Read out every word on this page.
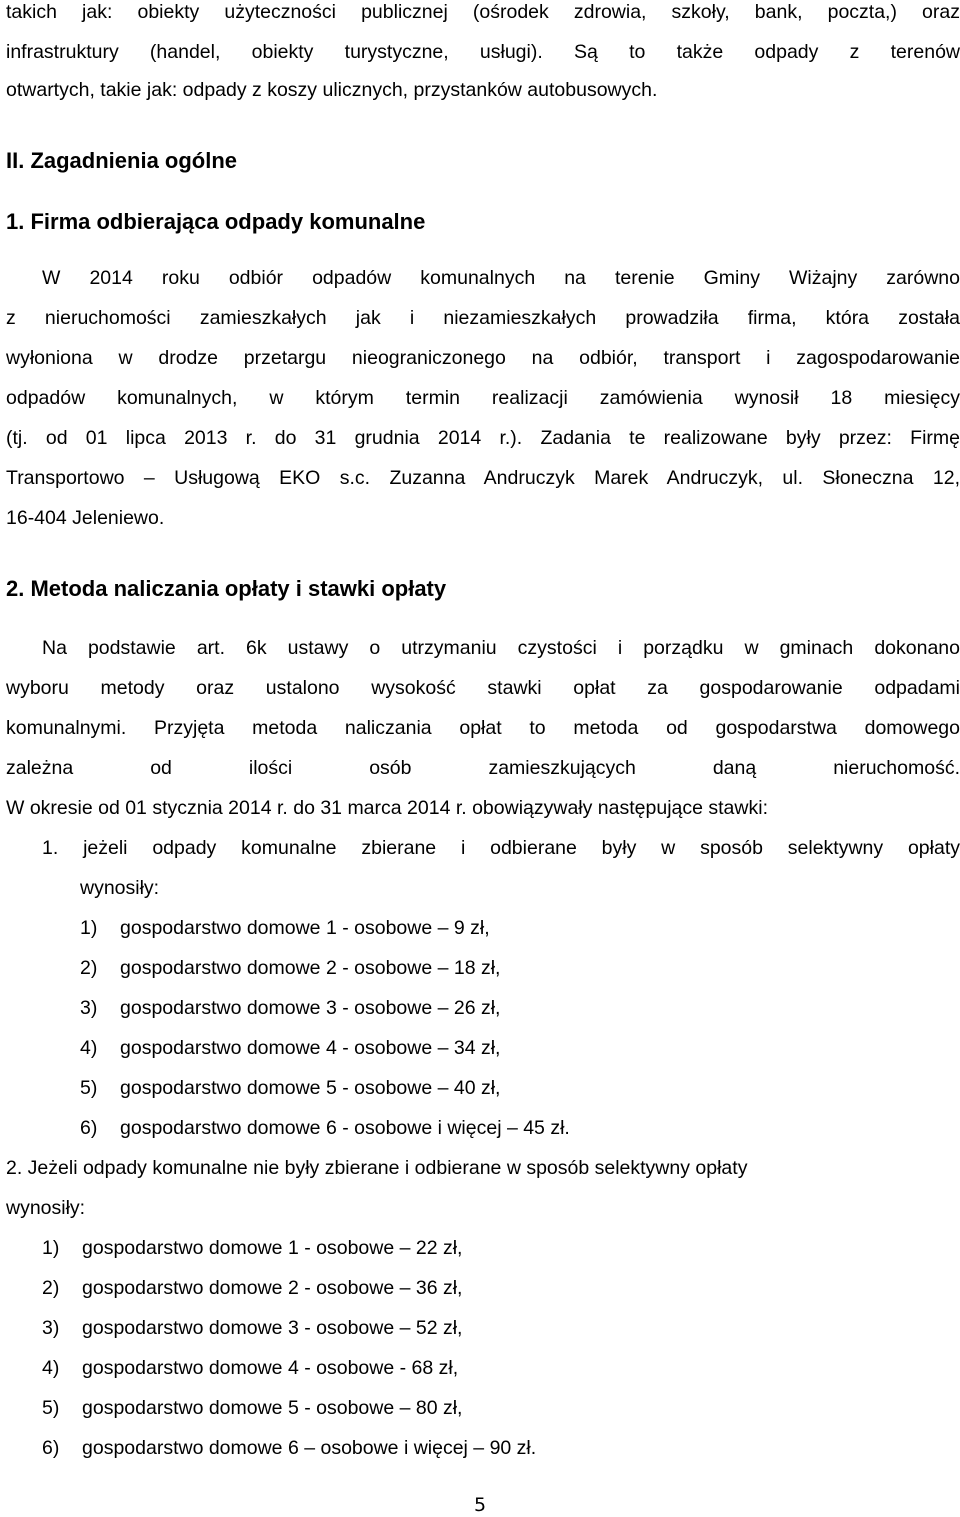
takich jak: obiekty użyteczności publicznej (ośrodek zdrowia, szkoły, bank, poczta,) oraz
infrastruktury (handel, obiekty turystyczne, usługi). Są to także odpady z terenów
otwartych, takie jak: odpady z koszy ulicznych, przystanków autobusowych.
II. Zagadnienia ogólne
1. Firma odbierająca odpady komunalne
W 2014 roku odbiór odpadów komunalnych na terenie Gminy Wiżajny zarówno
z nieruchomości zamieszkałych jak i niezamieszkałych prowadziła firma, która została
wyłoniona w drodze przetargu nieograniczonego na odbiór, transport i zagospodarowanie
odpadów komunalnych, w którym termin realizacji zamówienia wynosił 18 miesięcy
(tj. od 01 lipca 2013 r. do 31 grudnia 2014 r.). Zadania te realizowane były przez: Firmę
Transportowo – Usługową EKO s.c. Zuzanna Andruczyk Marek Andruczyk, ul. Słoneczna 12,
16-404 Jeleniewo.
2. Metoda naliczania opłaty i stawki opłaty
Na podstawie art. 6k ustawy o utrzymaniu czystości i porządku w gminach dokonano
wyboru metody oraz ustalono wysokość stawki opłat za gospodarowanie odpadami
komunalnymi. Przyjęta metoda naliczania opłat to metoda od gospodarstwa domowego
zależna od ilości osób zamieszkujących daną nieruchomość.
W okresie od 01 stycznia 2014 r. do 31 marca 2014 r. obowiązywały następujące stawki:
1. jeżeli odpady komunalne zbierane i odbierane były w sposób selektywny opłaty
wynosiły:
1) gospodarstwo domowe 1 - osobowe – 9 zł,
2) gospodarstwo domowe 2 - osobowe – 18 zł,
3) gospodarstwo domowe 3 - osobowe – 26 zł,
4) gospodarstwo domowe 4 - osobowe – 34 zł,
5) gospodarstwo domowe 5 - osobowe – 40 zł,
6) gospodarstwo domowe 6 - osobowe i więcej – 45 zł.
2. Jeżeli odpady komunalne nie były zbierane i odbierane w sposób selektywny opłaty
wynosiły:
1) gospodarstwo domowe 1 - osobowe – 22 zł,
2) gospodarstwo domowe 2 - osobowe – 36 zł,
3) gospodarstwo domowe 3 - osobowe – 52 zł,
4) gospodarstwo domowe 4 - osobowe - 68 zł,
5) gospodarstwo domowe 5 - osobowe – 80 zł,
6) gospodarstwo domowe 6 – osobowe i więcej – 90 zł.
5
